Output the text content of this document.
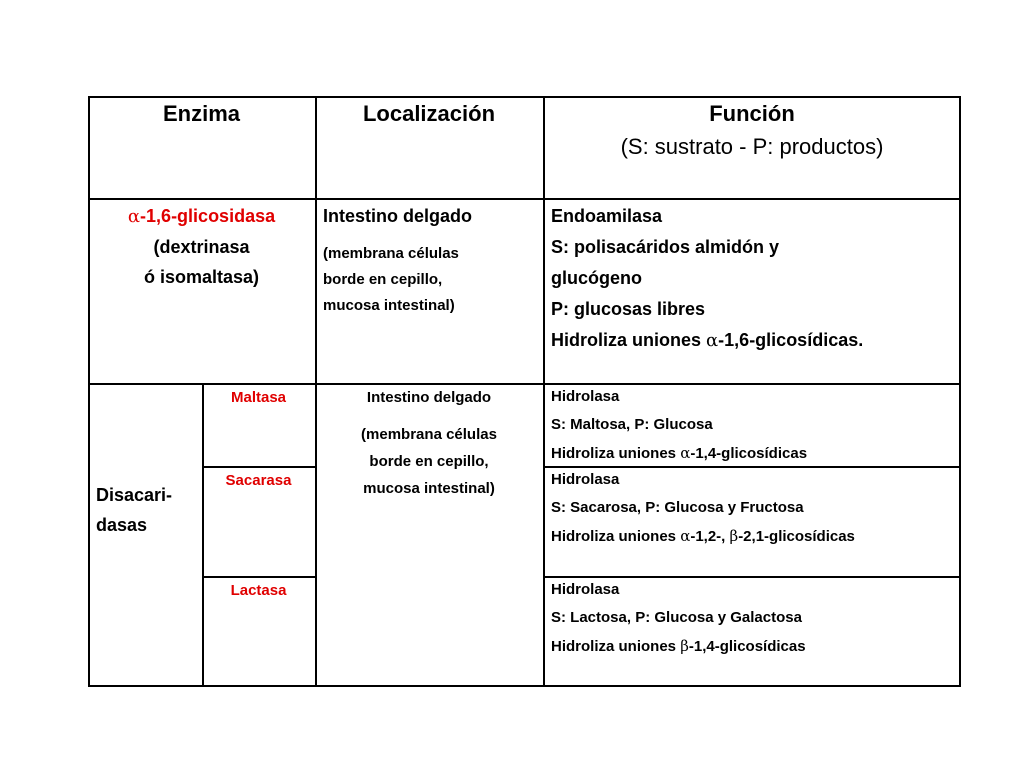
Enzima	Localización	Función
(S: sustrato - P: productos)
α-1,6-glicosidasa
(dextrinasa
ó isomaltasa)
Intestino delgado
(membrana células
borde en cepillo,
mucosa intestinal)
Endoamilasa
S: polisacáridos almidón y
glucógeno
P: glucosas libres
Hidroliza uniones α-1,6-glicosídicas.
Disacari-
dasas
Maltasa
Sacarasa
Lactasa
Intestino delgado
(membrana células
borde en cepillo,
mucosa intestinal)
Hidrolasa
S: Maltosa, P: Glucosa
Hidroliza uniones α-1,4-glicosídicas
Hidrolasa
S: Sacarosa, P: Glucosa y Fructosa
Hidroliza uniones α-1,2-, β-2,1-glicosídicas
Hidrolasa
S: Lactosa, P: Glucosa y Galactosa
Hidroliza uniones β-1,4-glicosídicas
